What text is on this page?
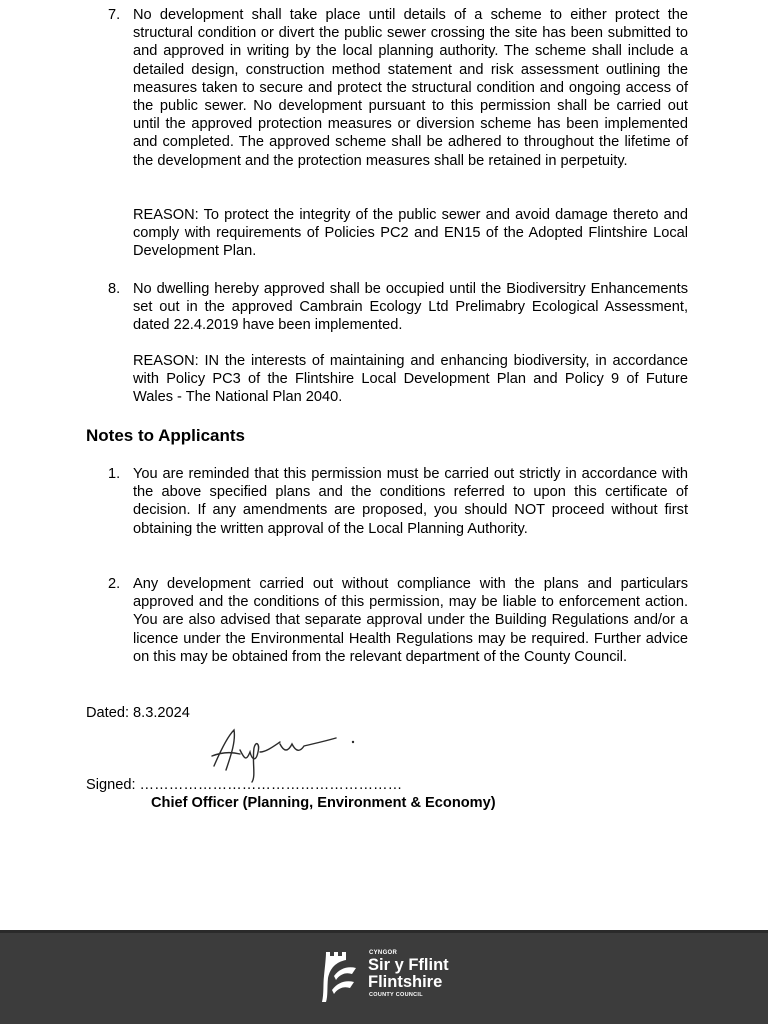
7. No development shall take place until details of a scheme to either protect the structural condition or divert the public sewer crossing the site has been submitted to and approved in writing by the local planning authority. The scheme shall include a detailed design, construction method statement and risk assessment outlining the measures taken to secure and protect the structural condition and ongoing access of the public sewer. No development pursuant to this permission shall be carried out until the approved protection measures or diversion scheme has been implemented and completed. The approved scheme shall be adhered to throughout the lifetime of the development and the protection measures shall be retained in perpetuity.
REASON: To protect the integrity of the public sewer and avoid damage thereto and comply with requirements of Policies PC2 and EN15 of the Adopted Flintshire Local Development Plan.
8. No dwelling hereby approved shall be occupied until the Biodiversitry Enhancements set out in the approved Cambrain Ecology Ltd Prelimabry Ecological Assessment, dated 22.4.2019 have been implemented.
REASON: IN the interests of maintaining and enhancing biodiversity, in accordance with Policy PC3 of the Flintshire Local Development Plan and Policy 9 of Future Wales - The National Plan 2040.
Notes to Applicants
1. You are reminded that this permission must be carried out strictly in accordance with the above specified plans and the conditions referred to upon this certificate of decision. If any amendments are proposed, you should NOT proceed without first obtaining the written approval of the Local Planning Authority.
2. Any development carried out without compliance with the plans and particulars approved and the conditions of this permission, may be liable to enforcement action. You are also advised that separate approval under the Building Regulations and/or a licence under the Environmental Health Regulations may be required. Further advice on this may be obtained from the relevant department of the County Council.
Dated: 8.3.2024
Signed: ………………………………………………
Chief Officer (Planning, Environment & Economy)
CYNGOR
Sir y Fflint
Flintshire
COUNTY COUNCIL
